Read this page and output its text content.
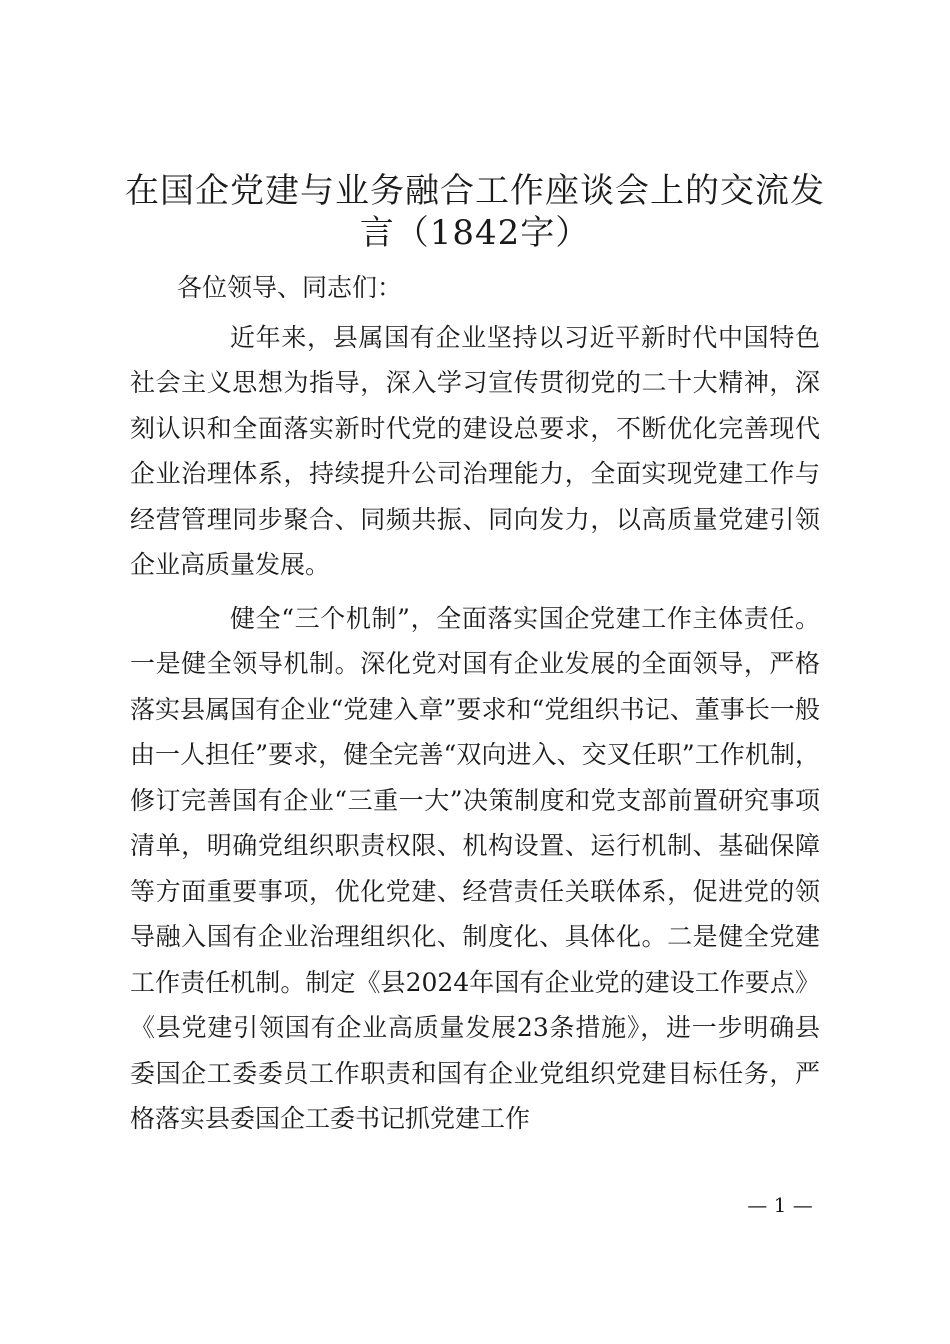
在国企党建与业务融合工作座谈会上的交流发言（1842字）

各位领导、同志们：

近年来，县属国有企业坚持以习近平新时代中国特色社会主义思想为指导，深入学习宣传贯彻党的二十大精神，深刻认识和全面落实新时代党的建设总要求，不断优化完善现代企业治理体系，持续提升公司治理能力，全面实现党建工作与经营管理同步聚合、同频共振、同向发力，以高质量党建引领企业高质量发展。

健全“三个机制”，全面落实国企党建工作主体责任。一是健全领导机制。深化党对国有企业发展的全面领导，严格落实县属国有企业“党建入章”要求和“党组织书记、董事长一般由一人担任”要求，健全完善“双向进入、交叉任职”工作机制，修订完善国有企业“三重一大”决策制度和党支部前置研究事项清单，明确党组织职责权限、机构设置、运行机制、基础保障等方面重要事项，优化党建、经营责任关联体系，促进党的领导融入国有企业治理组织化、制度化、具体化。二是健全党建工作责任机制。制定《县2024年国有企业党的建设工作要点》《县党建引领国有企业高质量发展23条措施》，进一步明确县委国企工委委员工作职责和国有企业党组织党建目标任务，严格落实县委国企工委书记抓党建工作

— 1 —
